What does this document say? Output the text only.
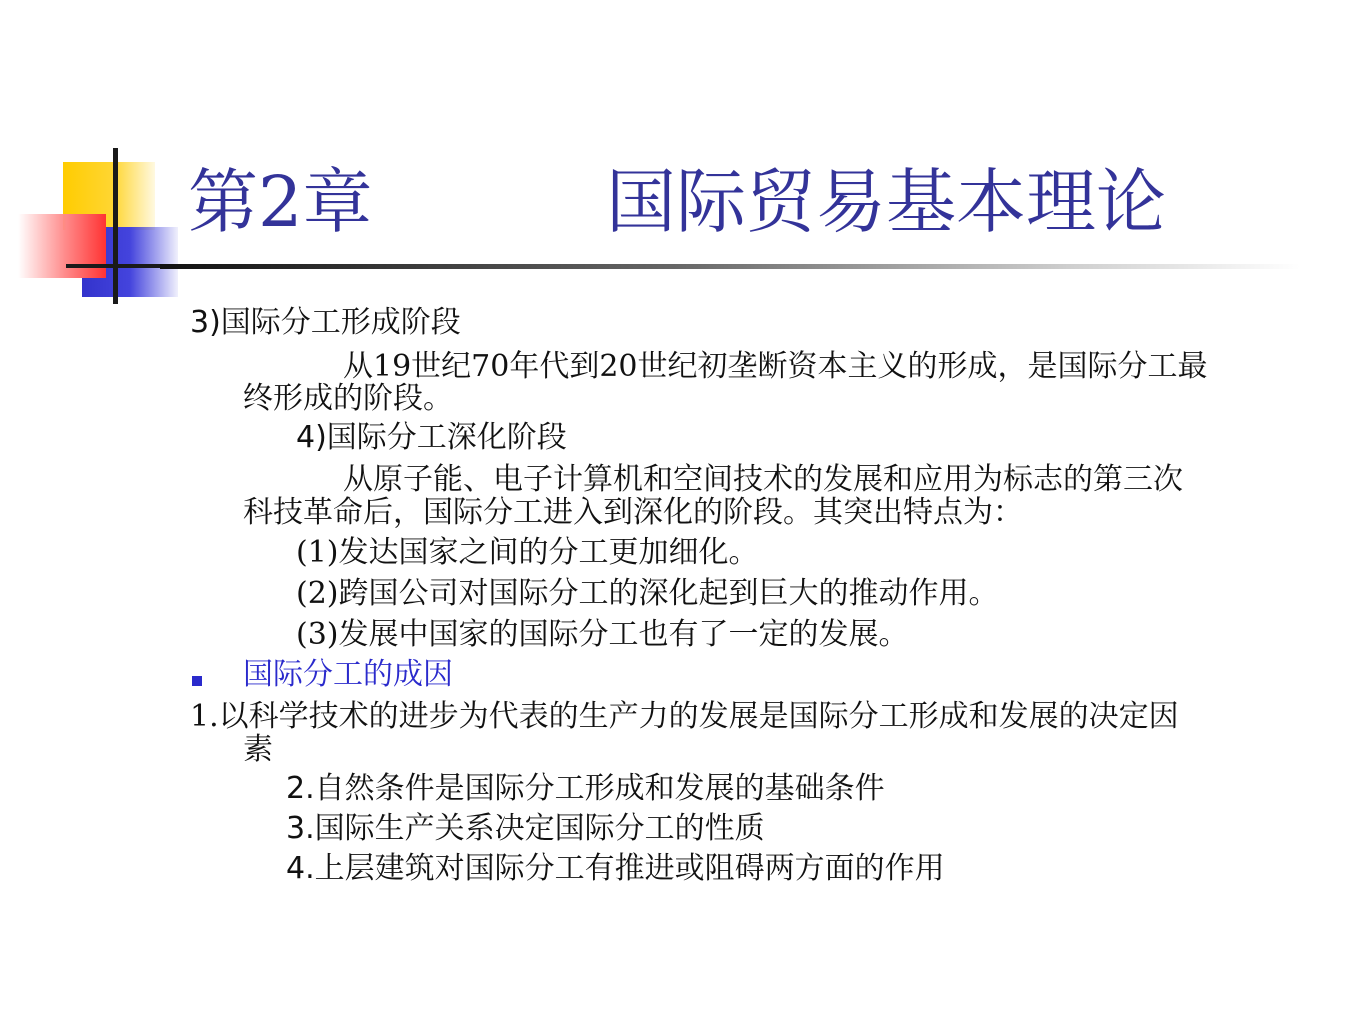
第2章	国际贸易基本理论
3)国际分工形成阶段
从19世纪70年代到20世纪初垄断资本主义的形成，是国际分工最
终形成的阶段。
4)国际分工深化阶段
从原子能、电子计算机和空间技术的发展和应用为标志的第三次
科技革命后，国际分工进入到深化的阶段。其突出特点为：
(1)发达国家之间的分工更加细化。
(2)跨国公司对国际分工的深化起到巨大的推动作用。
(3)发展中国家的国际分工也有了一定的发展。
国际分工的成因
1.以科学技术的进步为代表的生产力的发展是国际分工形成和发展的决定因
素
2.自然条件是国际分工形成和发展的基础条件
3.国际生产关系决定国际分工的性质
4.上层建筑对国际分工有推进或阻碍两方面的作用
